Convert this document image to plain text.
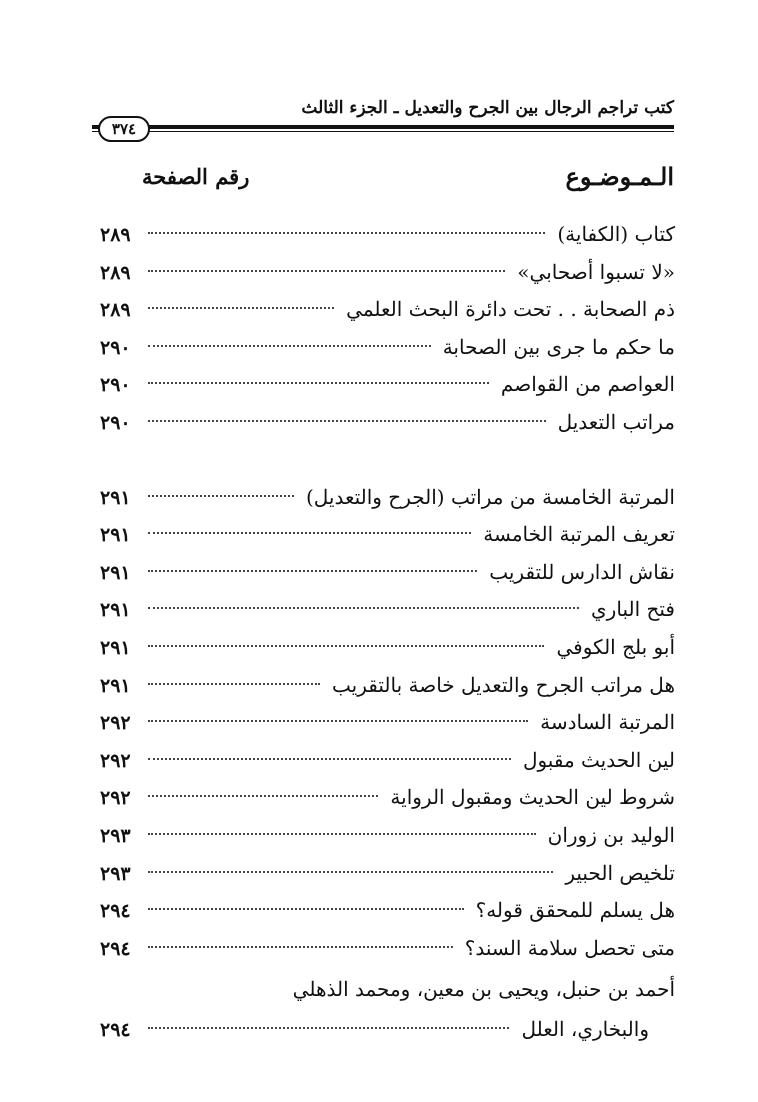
كتب تراجم الرجال بين الجرح والتعديل ـ الجزء الثالث
٣٧٤
الـمـوضـوع
رقم الصفحة
كتاب (الكفاية)
٢٨٩
«لا تسبوا أصحابي»
٢٨٩
ذم الصحابة . . تحت دائرة البحث العلمي
٢٨٩
ما حكم ما جرى بين الصحابة
٢٩٠
العواصم من القواصم
٢٩٠
مراتب التعديل
٢٩٠
المرتبة الخامسة من مراتب (الجرح والتعديل)
٢٩١
تعريف المرتبة الخامسة
٢٩١
نقاش الدارس للتقريب
٢٩١
فتح الباري
٢٩١
أبو بلج الكوفي
٢٩١
هل مراتب الجرح والتعديل خاصة بالتقريب
٢٩١
المرتبة السادسة
٢٩٢
لين الحديث مقبول
٢٩٢
شروط لين الحديث ومقبول الرواية
٢٩٢
الوليد بن زوران
٢٩٣
تلخيص الحبير
٢٩٣
هل يسلم للمحقق قوله؟
٢٩٤
متى تحصل سلامة السند؟
٢٩٤
أحمد بن حنبل، ويحيى بن معين، ومحمد الذهلي
والبخاري، العلل
٢٩٤
